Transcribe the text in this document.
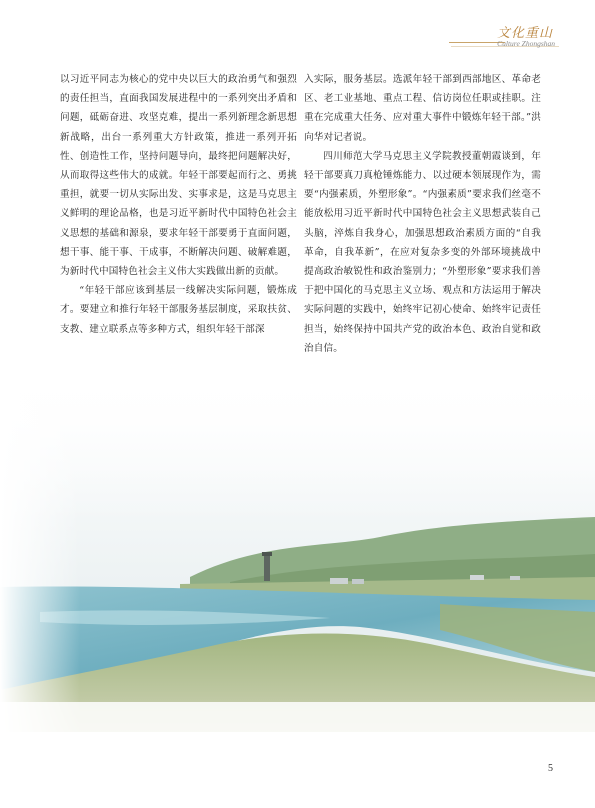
文化重山
Culture Zhongshan

以习近平同志为核心的党中央以巨大的政治勇气和强烈的责任担当，直面我国发展进程中的一系列突出矛盾和问题，砥砺奋进、攻坚克难，提出一系列新理念新思想新战略，出台一系列重大方针政策，推进一系列开拓性、创造性工作，坚持问题导向，最终把问题解决好，从而取得这些伟大的成就。年轻干部要起而行之、勇挑重担，就要一切从实际出发、实事求是，这是马克思主义鲜明的理论品格，也是习近平新时代中国特色社会主义思想的基础和源泉，要求年轻干部要勇于直面问题，想干事、能干事、干成事，不断解决问题、破解难题，为新时代中国特色社会主义伟大实践做出新的贡献。

“年轻干部应该到基层一线解决实际问题，锻炼成才。要建立和推行年轻干部服务基层制度，采取扶贫、支教、建立联系点等多种方式，组织年轻干部深

入实际，服务基层。选派年轻干部到西部地区、革命老区、老工业基地、重点工程、信访岗位任职或挂职。注重在完成重大任务、应对重大事件中锻炼年轻干部。”洪向华对记者说。

四川师范大学马克思主义学院教授董朝霞谈到，年轻干部要真刀真枪锤炼能力、以过硬本领展现作为，需要“内强素质，外塑形象”。“内强素质”要求我们丝毫不能放松用习近平新时代中国特色社会主义思想武装自己头脑，淬炼自我身心，加强思想政治素质方面的“自我革命，自我革新”，在应对复杂多变的外部环境挑战中提高政治敏锐性和政治鉴别力；“外塑形象”要求我们善于把中国化的马克思主义立场、观点和方法运用于解决实际问题的实践中，始终牢记初心使命、始终牢记责任担当，始终保持中国共产党的政治本色、政治自觉和政治自信。

5
